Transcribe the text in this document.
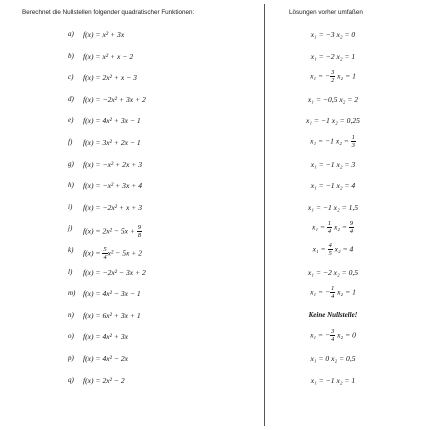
Berechnet die Nullstellen folgender quadratischer Funktionen:	Lösungen vorher umfaßen
a)	f(x) = x² + 3x	x₁ = −3 x₂ = 0
b)	f(x) = x² + x − 2	x₁ = −2 x₂ = 1
c)	f(x) = 2x² + x − 3	x₁ = − $\frac{3}{2} x_2 = 1$
d)	f(x) = −2x² + 3x + 2	x₁ = −0,5 x₂ = 2
e)	f(x) = 4x² + 3x − 1	x₁ = −1 x₂ = 0,25
f)	f(x) = 3x² + 2x − 1	x₁ = −1 $x_2 = \frac{1}{3}$
g)	f(x) = −x² + 2x + 3	x₁ = −1 x₂ = 3
h)	f(x) = −x² + 3x + 4	x₁ = −1 x₂ = 4
i)	f(x) = −2x² + x + 3	x₁ = −1 x₂ = 1,5
j)	$f(x) = 2x^2 - 5x + \frac{9}{8}$	$x_1 = \frac{1}{4} x_2 = \frac{9}{4}$
k)	$f(x) = \frac{5}{4} x^2 - 5x + 2$	$x_1 = \frac{4}{5} x_2 = 4$
l)	f(x) = −2x² − 3x + 2	x₁ = −2 x₂ = 0,5
m)	f(x) = 4x² − 3x − 1	x₁ = − $\frac{1}{4} x_2 = 1$
n)	f(x) = 6x² + 3x + 1	Keine Nullstelle!
o)	f(x) = 4x² + 3x	x₁ = − $\frac{3}{4} x_2 = 0$
p)	f(x) = 4x² − 2x	x₁ = 0 x₂ = 0,5
q)	f(x) = 2x² − 2	x₁ = −1 x₂ = 1
